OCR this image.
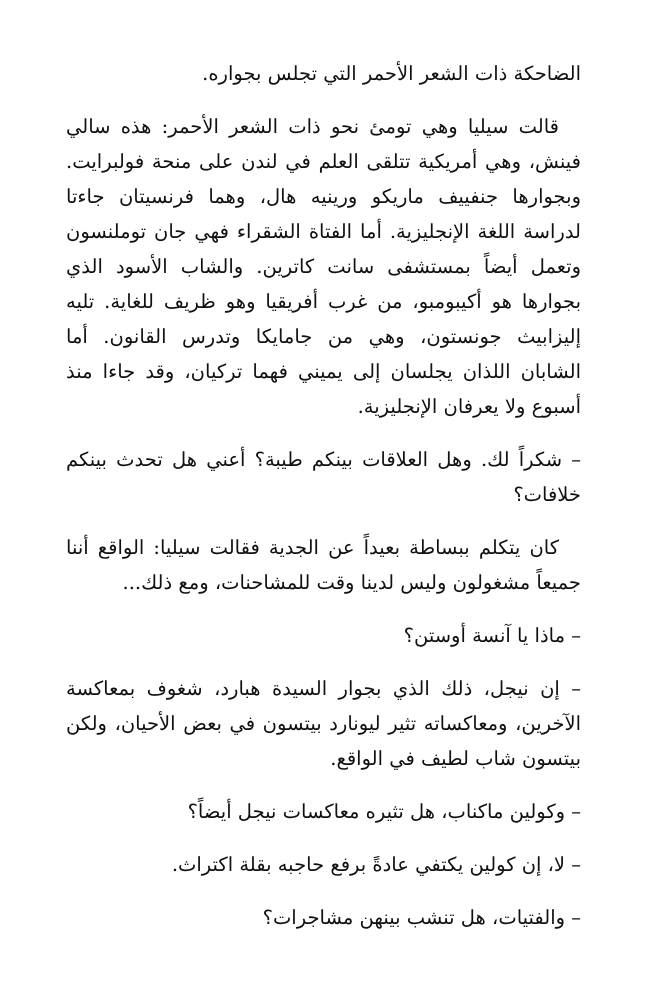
الضاحكة ذات الشعر الأحمر التي تجلس بجواره.

قالت سيليا وهي تومئ نحو ذات الشعر الأحمر: هذه سالي فينش، وهي أمريكية تتلقى العلم في لندن على منحة فولبرايت. وبجوارها جنفييف ماريكو ورينيه هال، وهما فرنسيتان جاءتا لدراسة اللغة الإنجليزية. أما الفتاة الشقراء فهي جان توملنسون وتعمل أيضاً بمستشفى سانت كاترين. والشاب الأسود الذي بجوارها هو أكيبومبو، من غرب أفريقيا وهو ظريف للغاية. تليه إليزابيث جونستون، وهي من جامايكا وتدرس القانون. أما الشابان اللذان يجلسان إلى يميني فهما تركيان، وقد جاءا منذ أسبوع ولا يعرفان الإنجليزية.

– شكراً لك. وهل العلاقات بينكم طيبة؟ أعني هل تحدث بينكم خلافات؟

كان يتكلم ببساطة بعيداً عن الجدية فقالت سيليا: الواقع أننا جميعاً مشغولون وليس لدينا وقت للمشاحنات، ومع ذلك...

– ماذا يا آنسة أوستن؟

– إن نيجل، ذلك الذي بجوار السيدة هبارد، شغوف بمعاكسة الآخرين، ومعاكساته تثير ليونارد بيتسون في بعض الأحيان، ولكن بيتسون شاب لطيف في الواقع.

– وكولين ماكناب، هل تثيره معاكسات نيجل أيضاً؟

– لا، إن كولين يكتفي عادةً برفع حاجبه بقلة اكتراث.

– والفتيات، هل تنشب بينهن مشاجرات؟
